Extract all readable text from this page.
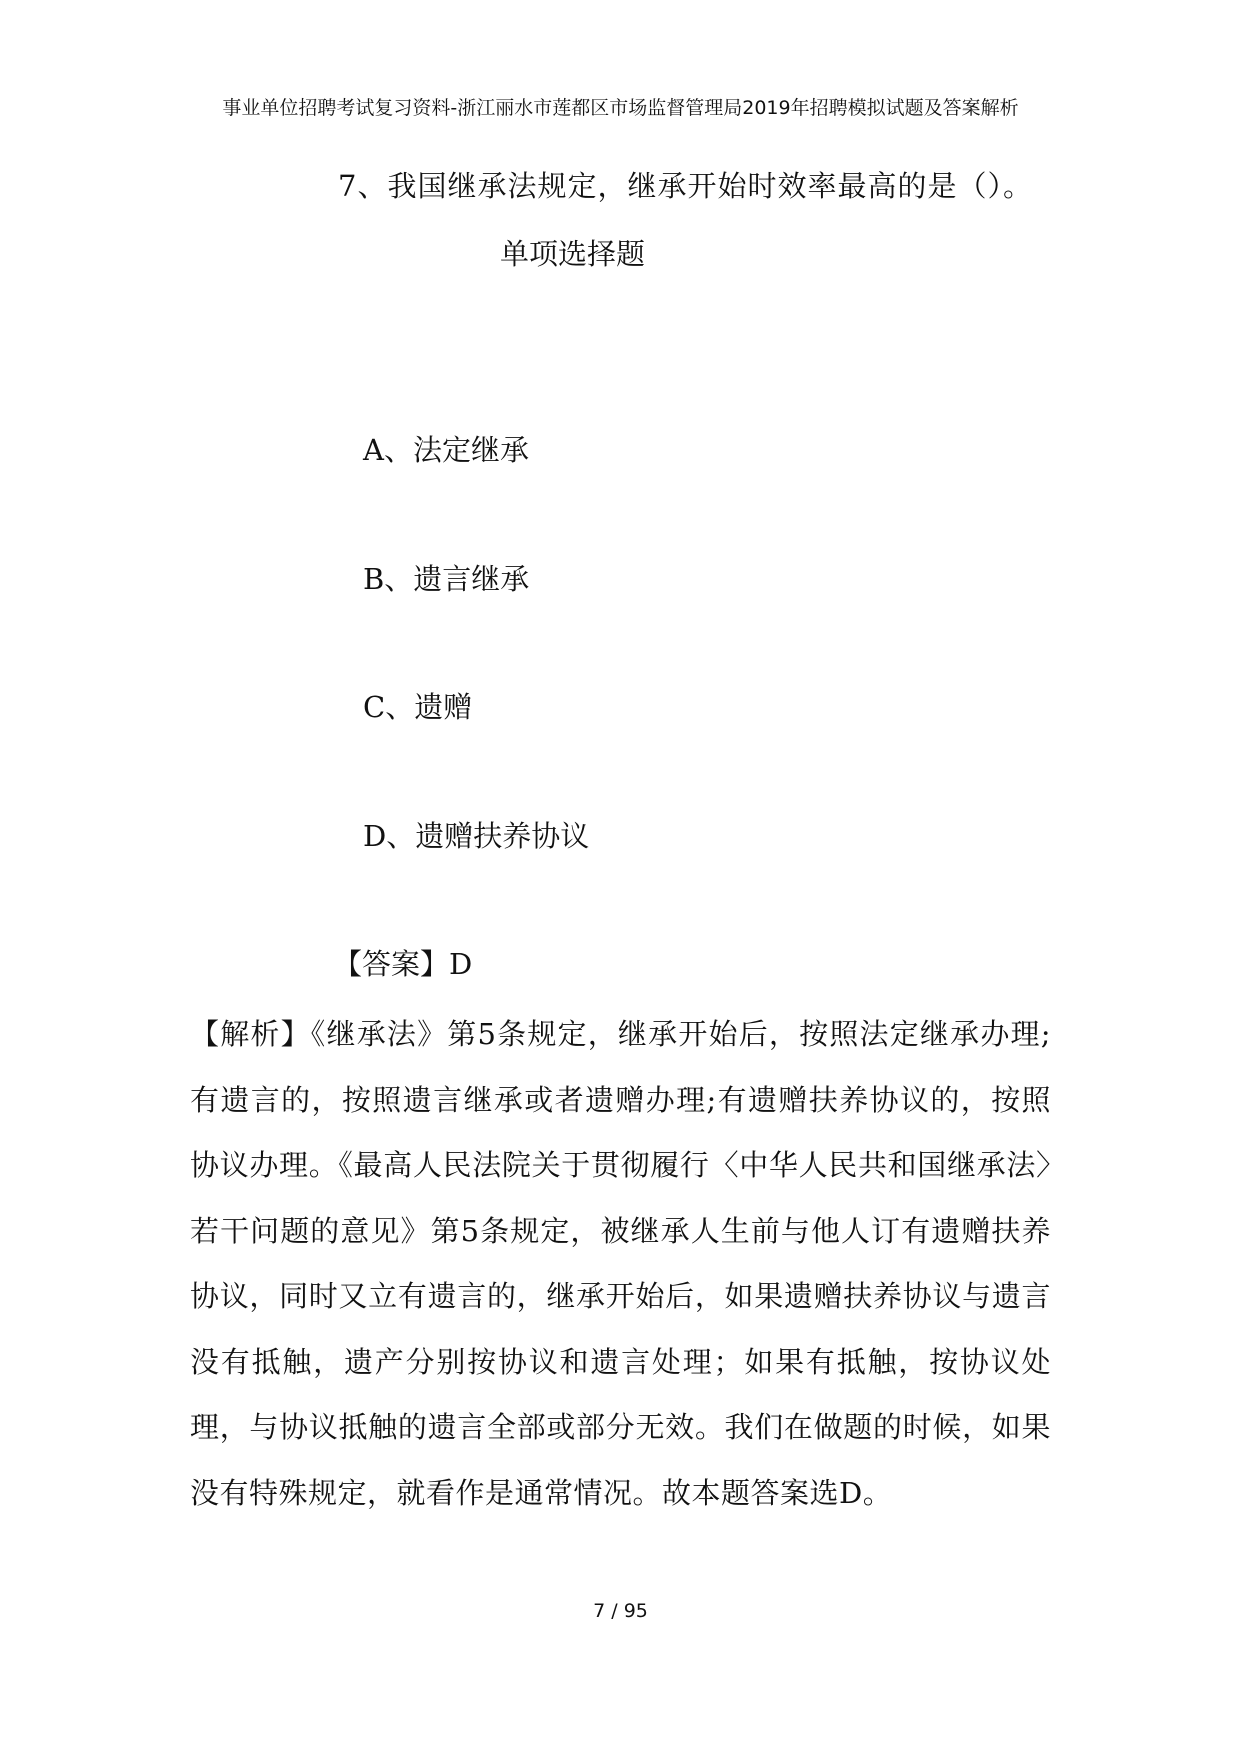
事业单位招聘考试复习资料-浙江丽水市莲都区市场监督管理局2019年招聘模拟试题及答案解析
7、我国继承法规定，继承开始时效率最高的是（）。
单项选择题
A、法定继承
B、遗言继承
C、遗赠
D、遗赠扶养协议
【答案】D
【解析】《继承法》第5条规定，继承开始后，按照法定继承办理;有遗言的，按照遗言继承或者遗赠办理;有遗赠扶养协议的，按照协议办理。《最高人民法院关于贯彻履行〈中华人民共和国继承法〉若干问题的意见》第5条规定，被继承人生前与他人订有遗赠扶养协议，同时又立有遗言的，继承开始后，如果遗赠扶养协议与遗言没有抵触，遗产分别按协议和遗言处理；如果有抵触，按协议处理，与协议抵触的遗言全部或部分无效。我们在做题的时候，如果没有特殊规定，就看作是通常情况。故本题答案选D。
7 / 95
